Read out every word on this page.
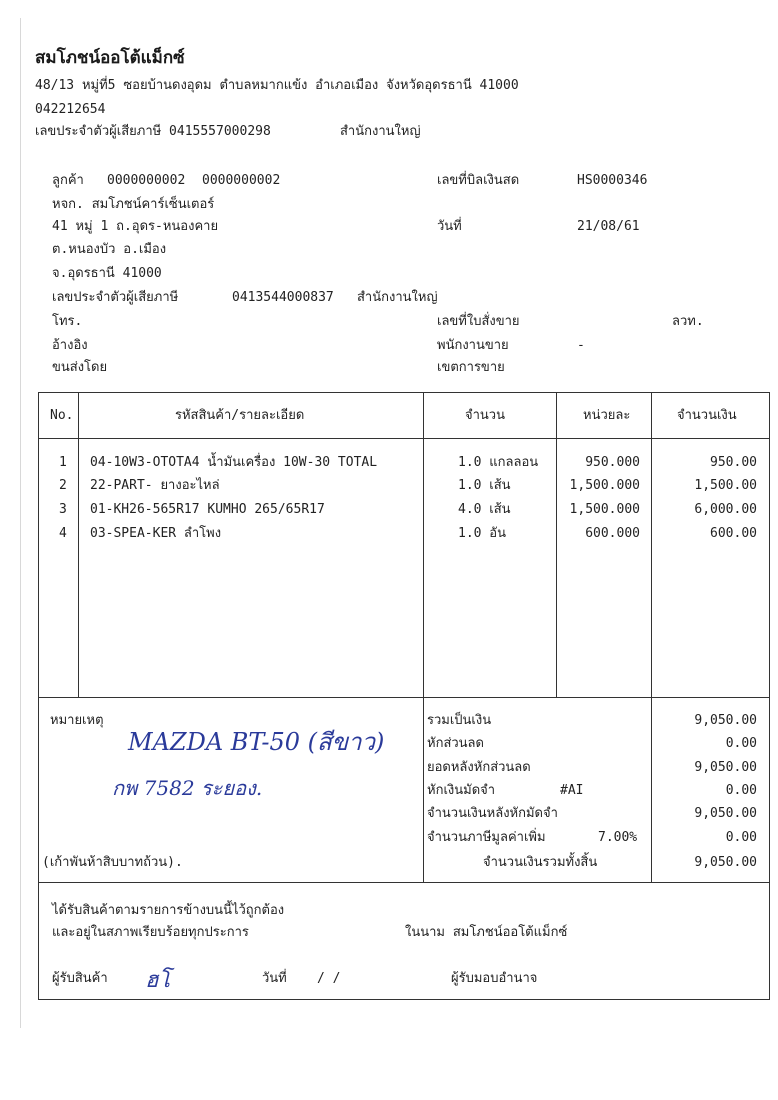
สมโภชน์ออโต้แม็กซ์
48/13 หมู่ที่5 ซอยบ้านดงอุดม ตำบลหมากแข้ง อำเภอเมือง จังหวัดอุดรธานี 41000
042212654
เลขประจำตัวผู้เสียภาษี 0415557000298	สำนักงานใหญ่
ลูกค้า 0000000002 0000000002
หจก. สมโภชน์คาร์เซ็นเตอร์
41 หมู่ 1 ถ.อุดร-หนองคาย
ต.หนองบัว อ.เมือง
จ.อุดรธานี 41000
เลขประจำตัวผู้เสียภาษี	0413544000837 สำนักงานใหญ่
โทร.
อ้างอิง
ขนส่งโดย
เลขที่บิลเงินสด	HS0000346
วันที่	21/08/61
เลขที่ใบสั่งขาย	ลวท.
พนักงานขาย	-
เขตการขาย
No.	รหัสสินค้า/รายละเอียด	จำนวน	หน่วยละ	จำนวนเงิน
1 04-10W3-OTOTA4 น้ำมันเครื่อง 10W-30 TOTAL	1.0 แกลลอน	950.000	950.00
2 22-PART- ยางอะไหล่	1.0 เส้น	1,500.000	1,500.00
3 01-KH26-565R17 KUMHO 265/65R17	4.0 เส้น	1,500.000	6,000.00
4 03-SPEA-KER ลำโพง	1.0 อัน	600.000	600.00
หมายเหตุ
MAZDA BT-50 (สีขาว)
กพ 7582 ระยอง.
(เก้าพันห้าสิบบาทถ้วน).
รวมเป็นเงิน	9,050.00
หักส่วนลด	0.00
ยอดหลังหักส่วนลด	9,050.00
หักเงินมัดจำ	#AI	0.00
จำนวนเงินหลังหักมัดจำ	9,050.00
จำนวนภาษีมูลค่าเพิ่ม	7.00%	0.00
จำนวนเงินรวมทั้งสิ้น	9,050.00
ได้รับสินค้าตามรายการข้างบนนี้ไว้ถูกต้อง
และอยู่ในสภาพเรียบร้อยทุกประการ	ในนาม สมโภชน์ออโต้แม็กซ์
ผู้รับสินค้า ฮโ	วันที่ / /	ผู้รับมอบอำนาจ
